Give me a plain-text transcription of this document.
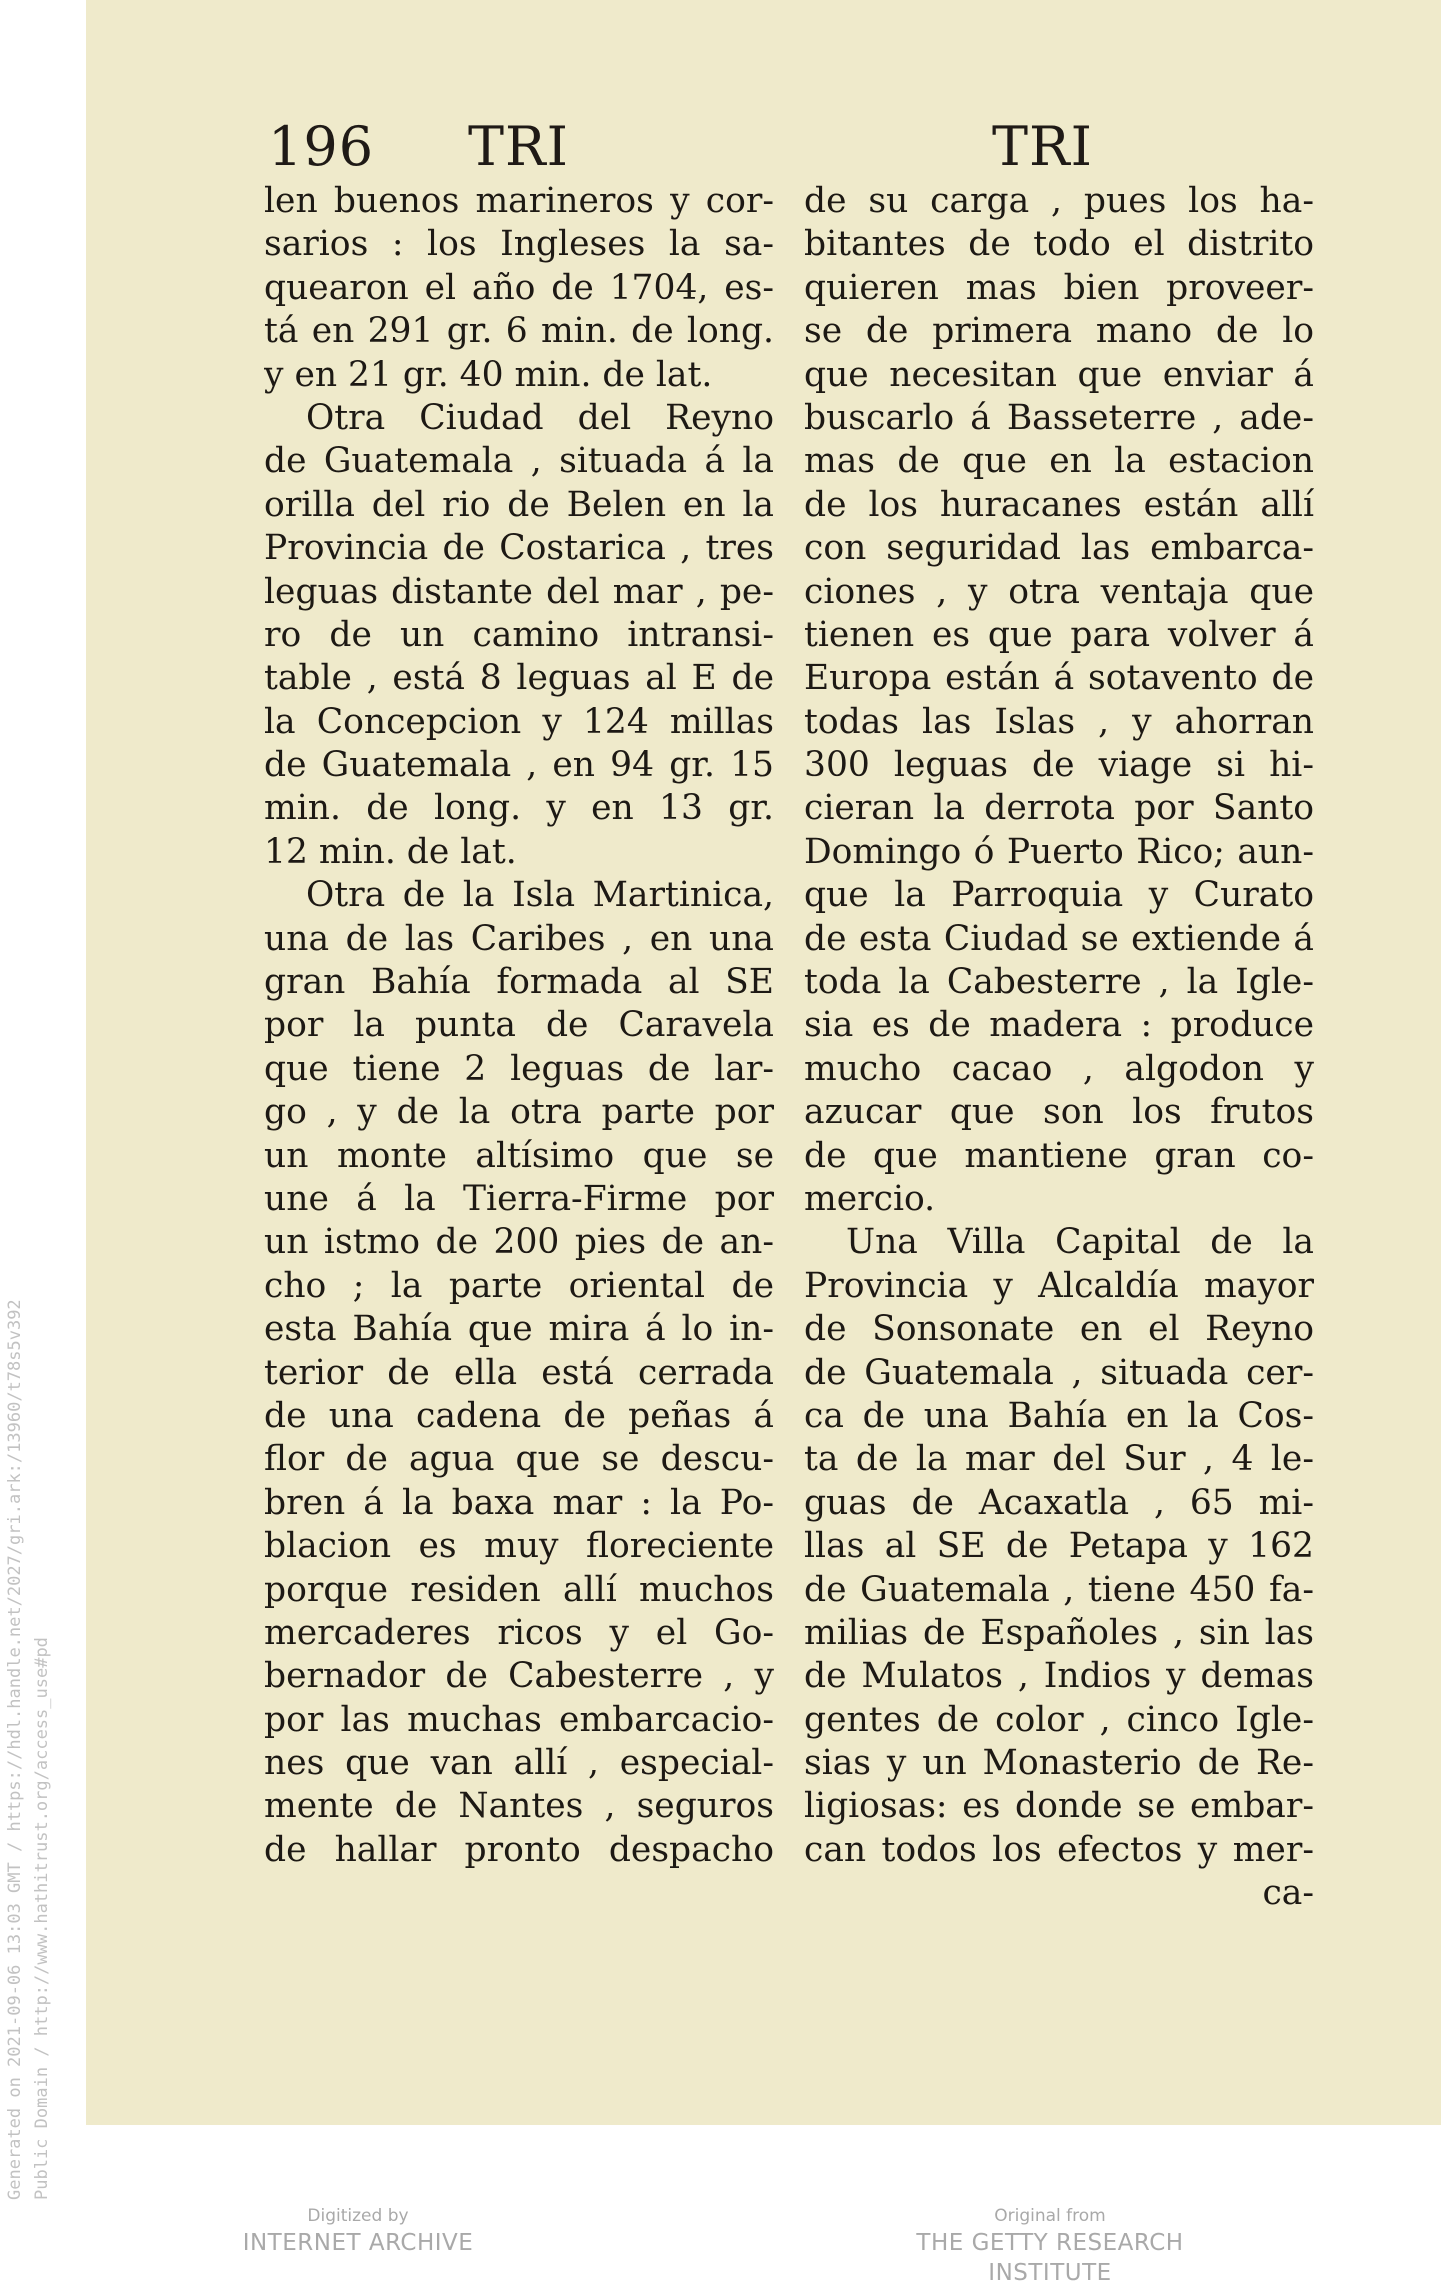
Generated on 2021-09-06 13:03 GMT / https://hdl.handle.net/2027/gri.ark:/13960/t78s5v392 Public Domain / http://www.hathitrust.org/access_use#pd
196 TRI	TRI
len buenos marineros y cor-
sarios : los Ingleses la sa-
quearon el año de 1704, es-
tá en 291 gr. 6 min. de long.
y en 21 gr. 40 min. de lat.
Otra Ciudad del Reyno
de Guatemala , situada á la
orilla del rio de Belen en la
Provincia de Costarica , tres
leguas distante del mar , pe-
ro de un camino intransi-
table , está 8 leguas al E de
la Concepcion y 124 millas
de Guatemala , en 94 gr. 15
min. de long. y en 13 gr.
12 min. de lat.
Otra de la Isla Martinica,
una de las Caribes , en una
gran Bahía formada al SE
por la punta de Caravela
que tiene 2 leguas de lar-
go , y de la otra parte por
un monte altísimo que se
une á la Tierra-Firme por
un istmo de 200 pies de an-
cho ; la parte oriental de
esta Bahía que mira á lo in-
terior de ella está cerrada
de una cadena de peñas á
flor de agua que se descu-
bren á la baxa mar : la Po-
blacion es muy floreciente
porque residen allí muchos
mercaderes ricos y el Go-
bernador de Cabesterre , y
por las muchas embarcacio-
nes que van allí , especial-
mente de Nantes , seguros
de hallar pronto despacho
de su carga , pues los ha-
bitantes de todo el distrito
quieren mas bien proveer-
se de primera mano de lo
que necesitan que enviar á
buscarlo á Basseterre , ade-
mas de que en la estacion
de los huracanes están allí
con seguridad las embarca-
ciones , y otra ventaja que
tienen es que para volver á
Europa están á sotavento de
todas las Islas , y ahorran
300 leguas de viage si hi-
cieran la derrota por Santo
Domingo ó Puerto Rico; aun-
que la Parroquia y Curato
de esta Ciudad se extiende á
toda la Cabesterre , la Igle-
sia es de madera : produce
mucho cacao , algodon y
azucar que son los frutos
de que mantiene gran co-
mercio.
Una Villa Capital de la
Provincia y Alcaldía mayor
de Sonsonate en el Reyno
de Guatemala , situada cer-
ca de una Bahía en la Cos-
ta de la mar del Sur , 4 le-
guas de Acaxatla , 65 mi-
llas al SE de Petapa y 162
de Guatemala , tiene 450 fa-
milias de Españoles , sin las
de Mulatos , Indios y demas
gentes de color , cinco Igle-
sias y un Monasterio de Re-
ligiosas: es donde se embar-
can todos los efectos y mer-
ca-
Digitized by
INTERNET ARCHIVE
Original from
THE GETTY RESEARCH INSTITUTE
